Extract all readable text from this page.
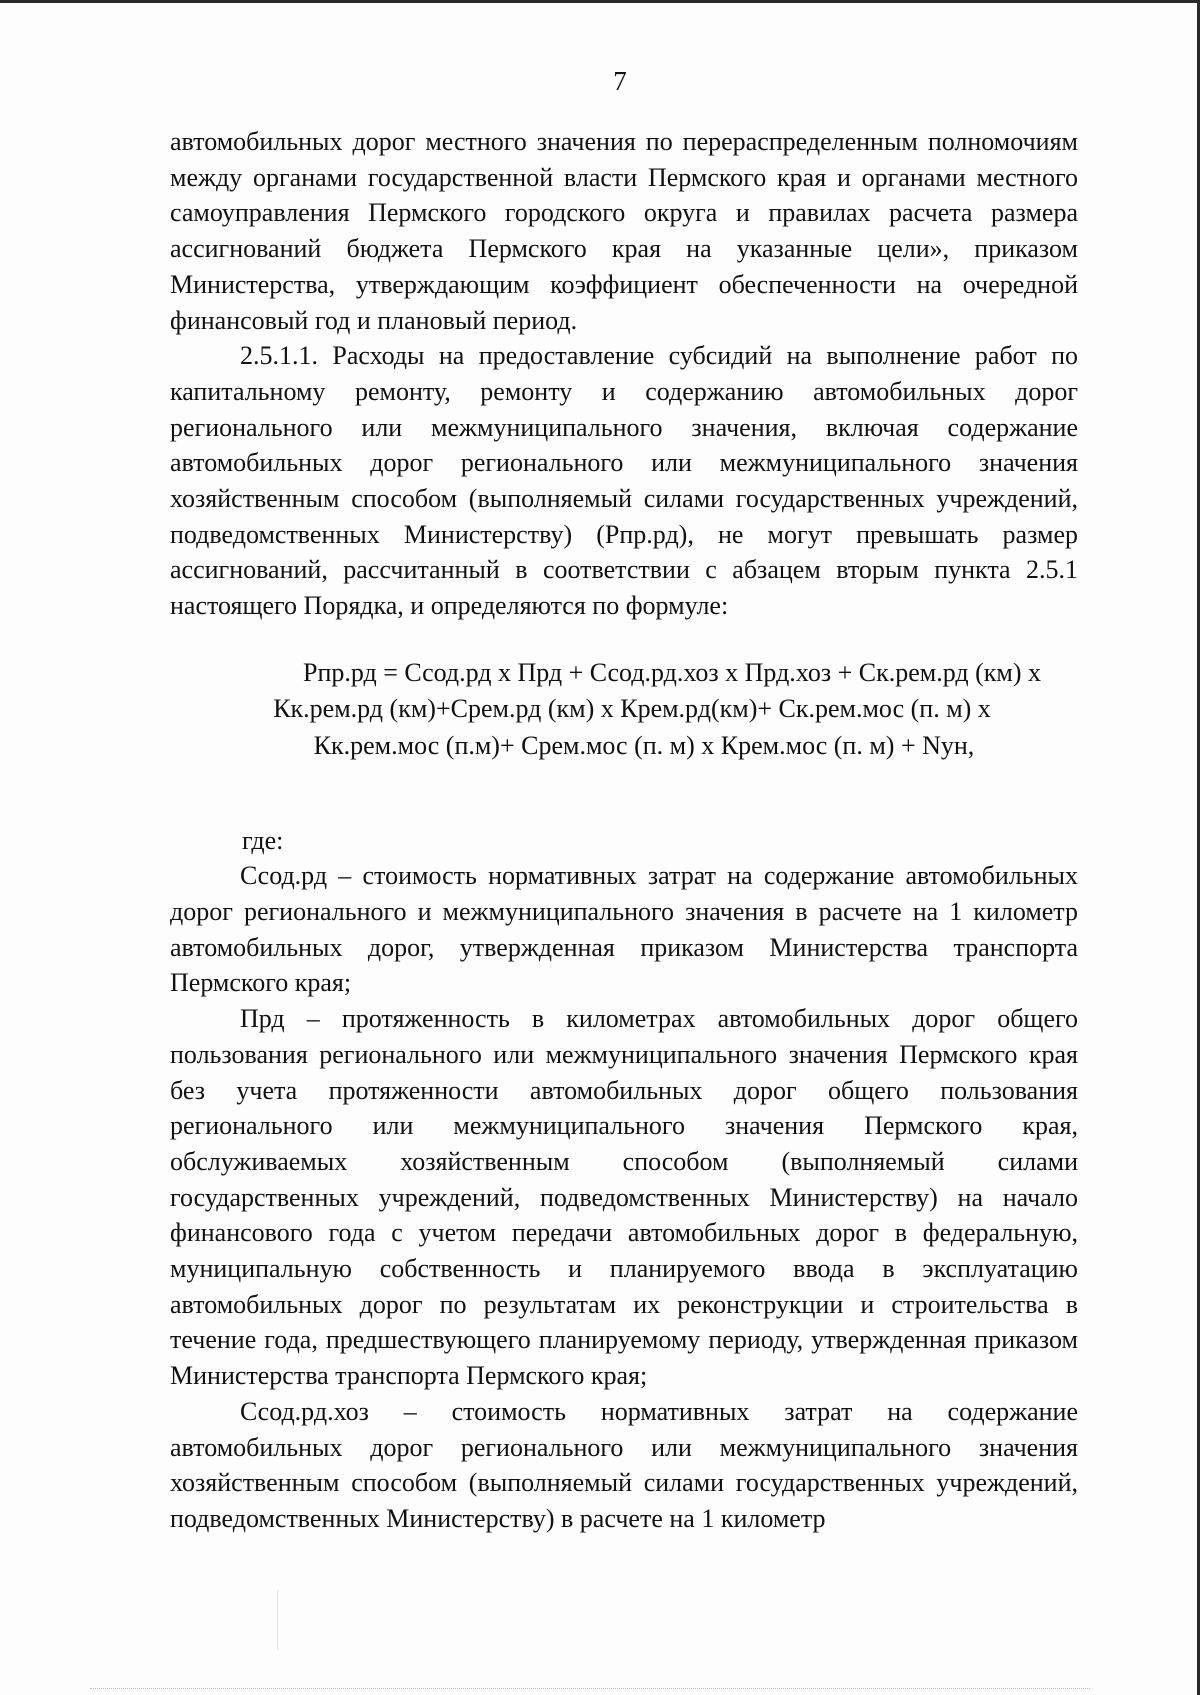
7

автомобильных дорог местного значения по перераспределенным полномочиям между органами государственной власти Пермского края и органами местного самоуправления Пермского городского округа и правилах расчета размера ассигнований бюджета Пермского края на указанные цели», приказом Министерства, утверждающим коэффициент обеспеченности на очередной финансовый год и плановый период.

2.5.1.1. Расходы на предоставление субсидий на выполнение работ по капитальному ремонту, ремонту и содержанию автомобильных дорог регионального или межмуниципального значения, включая содержание автомобильных дорог регионального или межмуниципального значения хозяйственным способом (выполняемый силами государственных учреждений, подведомственных Министерству) (Рпр.рд), не могут превышать размер ассигнований, рассчитанный в соответствии с абзацем вторым пункта 2.5.1 настоящего Порядка, и определяются по формуле:

Рпр.рд = Ссод.рд х Прд + Ссод.рд.хоз х Прд.хоз + Ск.рем.рд (км) х
Кк.рем.рд (км)+Срем.рд (км) х Крем.рд(км)+ Ск.рем.мос (п. м) х
Кк.рем.мос (п.м)+ Срем.мос (п. м) х Крем.мос (п. м) + Nун,

где:

Ссод.рд – стоимость нормативных затрат на содержание автомобильных дорог регионального и межмуниципального значения в расчете на 1 километр автомобильных дорог, утвержденная приказом Министерства транспорта Пермского края;

Прд – протяженность в километрах автомобильных дорог общего пользования регионального или межмуниципального значения Пермского края без учета протяженности автомобильных дорог общего пользования регионального или межмуниципального значения Пермского края, обслуживаемых хозяйственным способом (выполняемый силами государственных учреждений, подведомственных Министерству) на начало финансового года с учетом передачи автомобильных дорог в федеральную, муниципальную собственность и планируемого ввода в эксплуатацию автомобильных дорог по результатам их реконструкции и строительства в течение года, предшествующего планируемому периоду, утвержденная приказом Министерства транспорта Пермского края;

Ссод.рд.хоз – стоимость нормативных затрат на содержание автомобильных дорог регионального или межмуниципального значения хозяйственным способом (выполняемый силами государственных учреждений, подведомственных Министерству) в расчете на 1 километр
